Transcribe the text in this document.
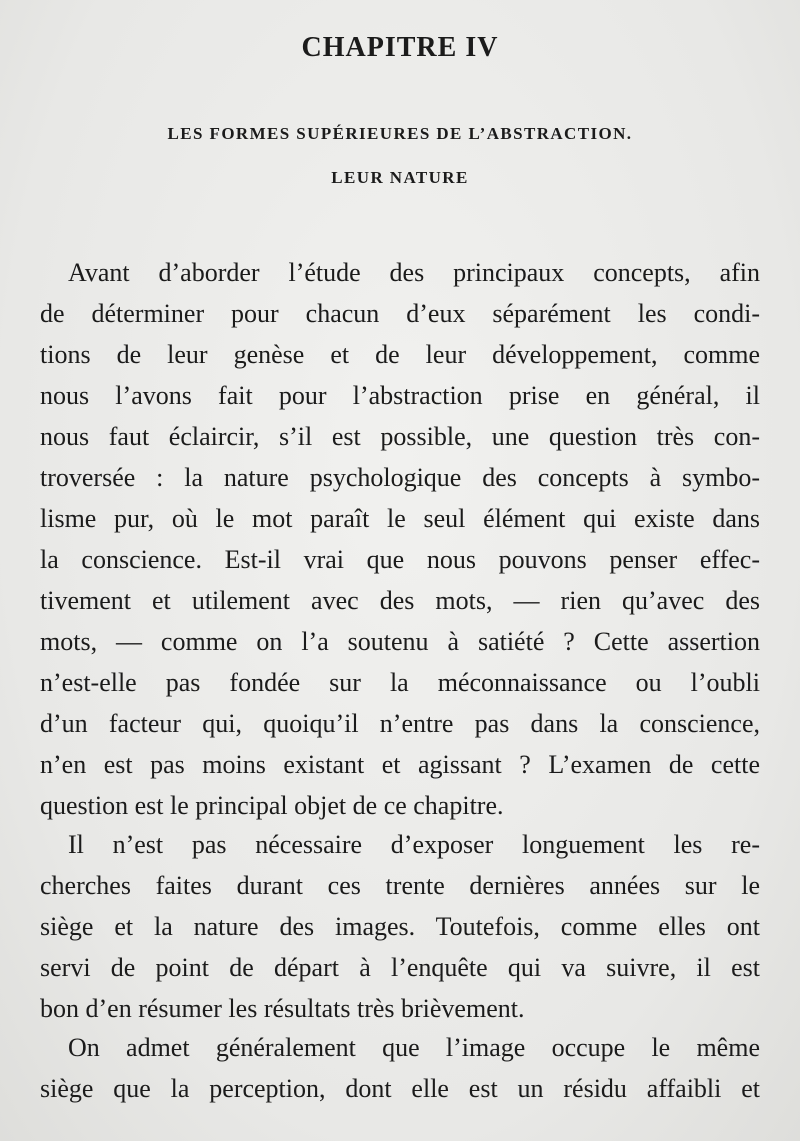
CHAPITRE IV
LES FORMES SUPÉRIEURES DE L’ABSTRACTION.
LEUR NATURE
Avant d’aborder l’étude des principaux concepts, afin
de déterminer pour chacun d’eux séparément les condi-
tions de leur genèse et de leur développement, comme
nous l’avons fait pour l’abstraction prise en général, il
nous faut éclaircir, s’il est possible, une question très con-
troversée : la nature psychologique des concepts à symbo-
lisme pur, où le mot paraît le seul élément qui existe dans
la conscience. Est-il vrai que nous pouvons penser effec-
tivement et utilement avec des mots, — rien qu’avec des
mots, — comme on l’a soutenu à satiété ? Cette assertion
n’est-elle pas fondée sur la méconnaissance ou l’oubli
d’un facteur qui, quoiqu’il n’entre pas dans la conscience,
n’en est pas moins existant et agissant ? L’examen de cette
question est le principal objet de ce chapitre.
Il n’est pas nécessaire d’exposer longuement les re-
cherches faites durant ces trente dernières années sur le
siège et la nature des images. Toutefois, comme elles ont
servi de point de départ à l’enquête qui va suivre, il est
bon d’en résumer les résultats très brièvement.
On admet généralement que l’image occupe le même
siège que la perception, dont elle est un résidu affaibli et
